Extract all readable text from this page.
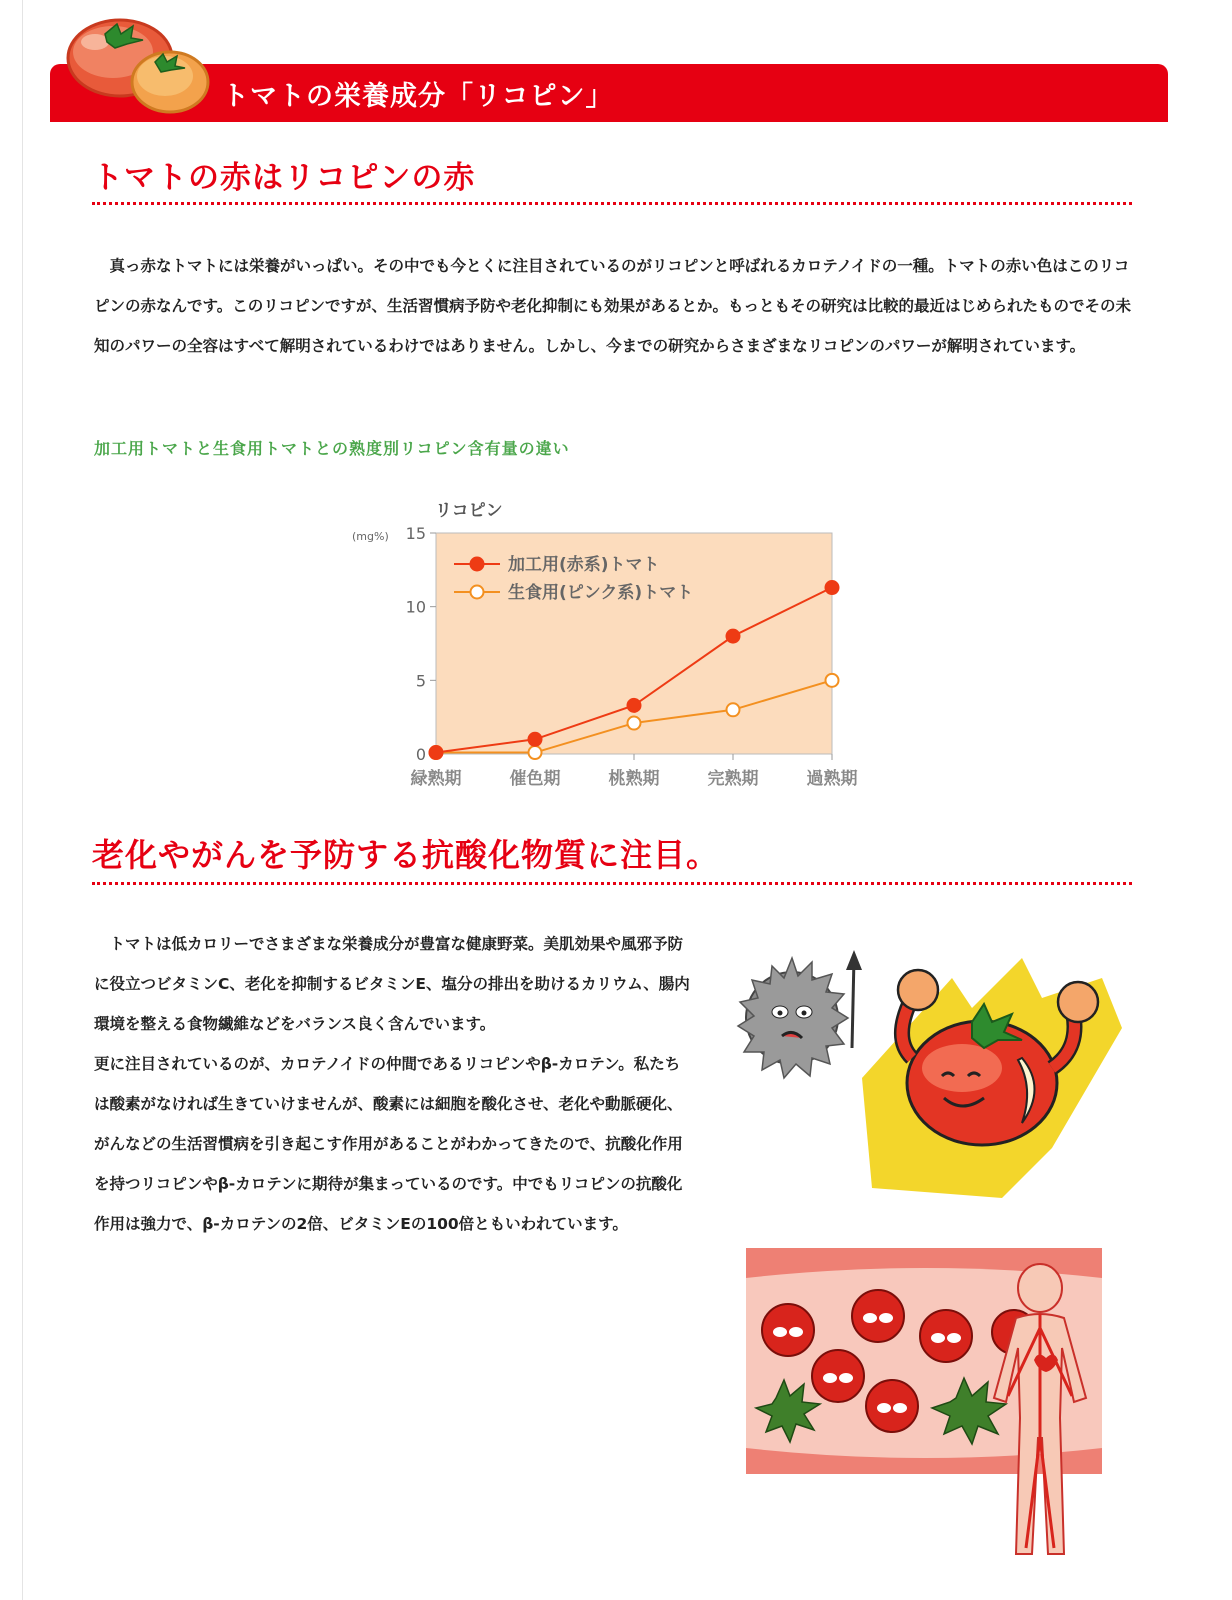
トマトの栄養成分「リコピン」
トマトの赤はリコピンの赤
　真っ赤なトマトには栄養がいっぱい。その中でも今とくに注目されているのがリコピンと呼ばれるカロテノイドの一種。トマトの赤い色はこのリコピンの赤なんです。このリコピンですが、生活習慣病予防や老化抑制にも効果があるとか。もっともその研究は比較的最近はじめられたものでその未知のパワーの全容はすべて解明されているわけではありません。しかし、今までの研究からさまざまなリコピンのパワーが解明されています。
加工用トマトと生食用トマトとの熟度別リコピン含有量の違い
リコピン
(mg%)
0
5
10
15
緑熟期	催色期	桃熟期	完熟期	過熟期
加工用(赤系)トマト
生食用(ピンク系)トマト
老化やがんを予防する抗酸化物質に注目。

　トマトは低カロリーでさまざまな栄養成分が豊富な健康野菜。美肌効果や風邪予防に役立つビタミンC、老化を抑制するビタミンE、塩分の排出を助けるカリウム、腸内環境を整える食物繊維などをバランス良く含んでいます。

更に注目されているのが、カロテノイドの仲間であるリコピンやβ-カロテン。私たちは酸素がなければ生きていけませんが、酸素には細胞を酸化させ、老化や動脈硬化、がんなどの生活習慣病を引き起こす作用があることがわかってきたので、抗酸化作用を持つリコピンやβ-カロテンに期待が集まっているのです。中でもリコピンの抗酸化作用は強力で、β-カロテンの2倍、ビタミンEの100倍ともいわれています。
